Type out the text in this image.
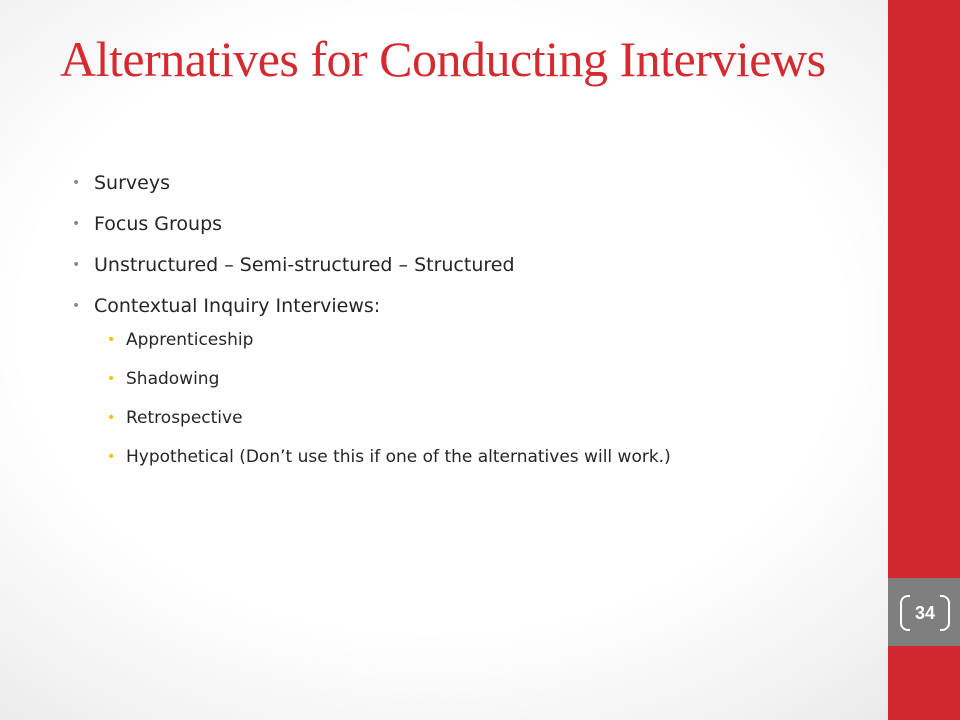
Alternatives for Conducting Interviews
• Surveys
• Focus Groups
• Unstructured – Semi-structured – Structured
• Contextual Inquiry Interviews:
• Apprenticeship
• Shadowing
• Retrospective
• Hypothetical (Don’t use this if one of the alternatives will work.)
34
